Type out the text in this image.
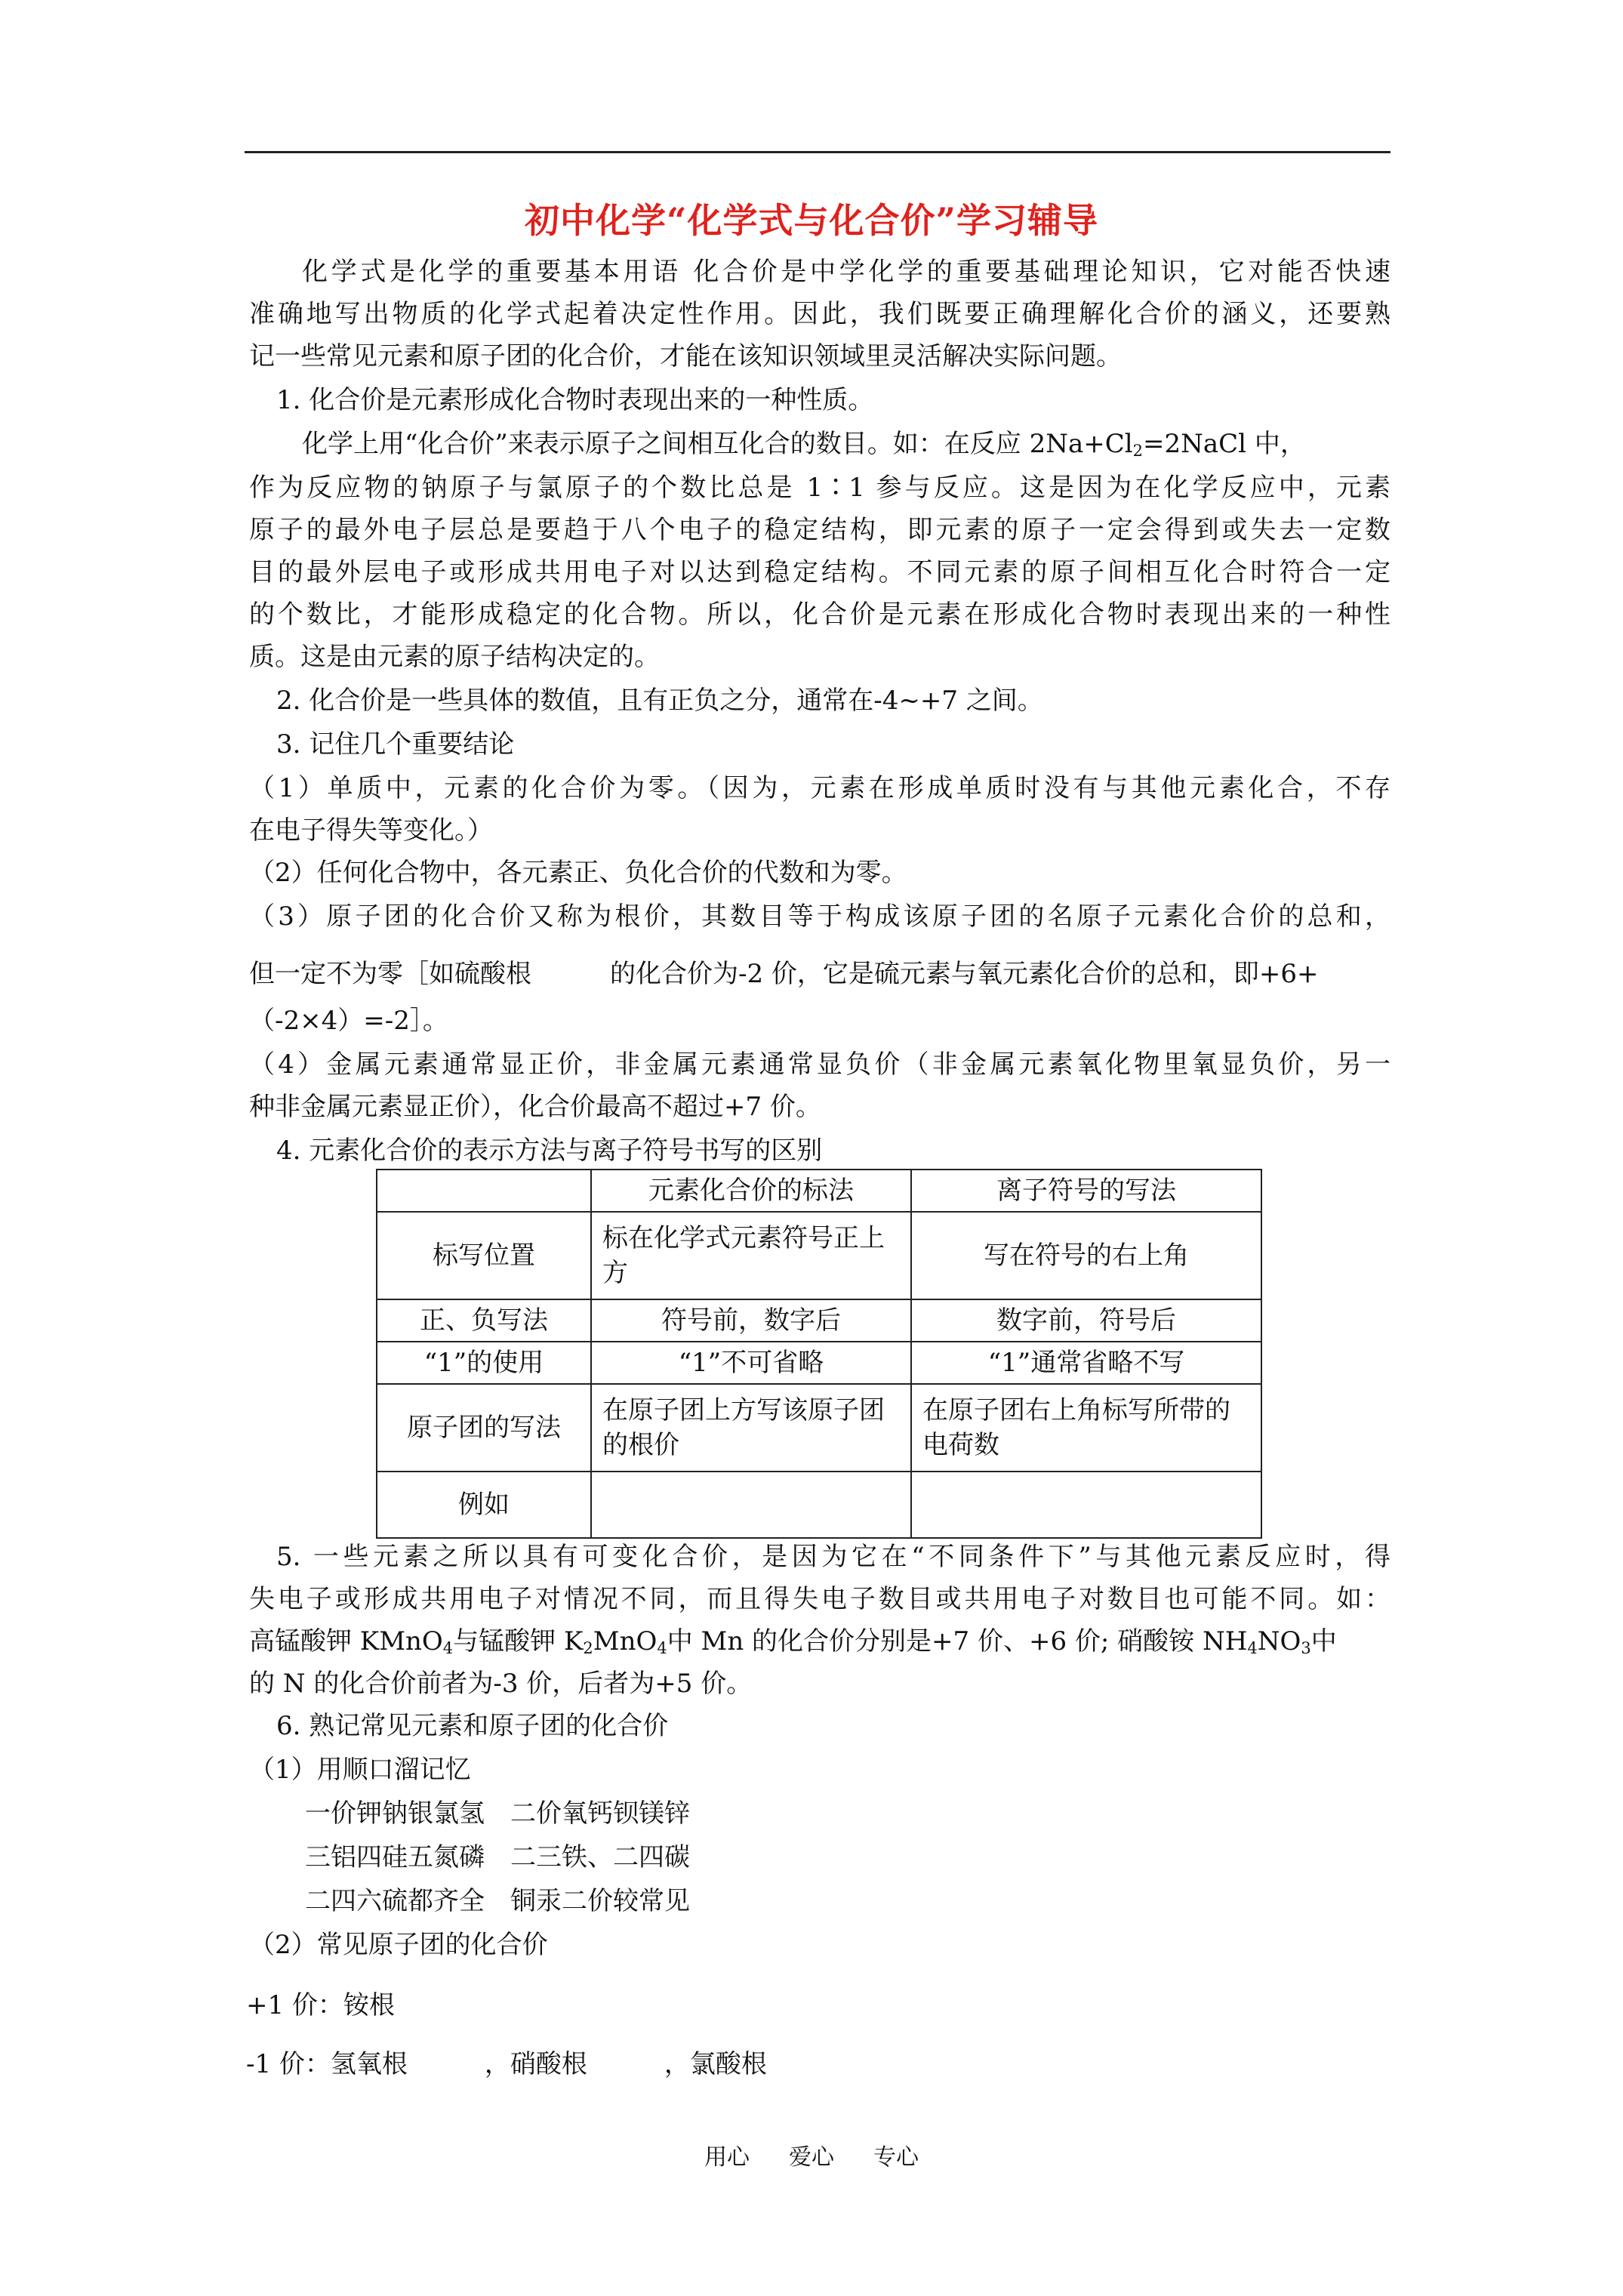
初中化学“化学式与化合价”学习辅导
化学式是化学的重要基本用语 化合价是中学化学的重要基础理论知识，它对能否快速
准确地写出物质的化学式起着决定性作用。因此，我们既要正确理解化合价的涵义，还要熟
记一些常见元素和原子团的化合价，才能在该知识领域里灵活解决实际问题。
1. 化合价是元素形成化合物时表现出来的一种性质。
化学上用“化合价”来表示原子之间相互化合的数目。如：在反应 $2Na+Cl_2=2NaCl$ 中，
作为反应物的钠原子与氯原子的个数比总是 1∶1 参与反应。这是因为在化学反应中，元素
原子的最外电子层总是要趋于八个电子的稳定结构，即元素的原子一定会得到或失去一定数
目的最外层电子或形成共用电子对以达到稳定结构。不同元素的原子间相互化合时符合一定
的个数比，才能形成稳定的化合物。所以，化合价是元素在形成化合物时表现出来的一种性
质。这是由元素的原子结构决定的。
2. 化合价是一些具体的数值，且有正负之分，通常在-4~+7 之间。
3. 记住几个重要结论
（1）单质中，元素的化合价为零。（因为，元素在形成单质时没有与其他元素化合，不存
在电子得失等变化。）
（2）任何化合物中，各元素正、负化合价的代数和为零。
（3）原子团的化合价又称为根价，其数目等于构成该原子团的名原子元素化合价的总和，
但一定不为零［如硫酸根	的化合价为-2 价，它是硫元素与氧元素化合价的总和，即+6+
（-2×4）=-2］。
（4）金属元素通常显正价，非金属元素通常显负价（非金属元素氧化物里氧显负价，另一
种非金属元素显正价），化合价最高不超过+7 价。
4. 元素化合价的表示方法与离子符号书写的区别
	元素化合价的标法	离子符号的写法
标写位置	标在化学式元素符号正上方	写在符号的右上角
正、负写法	符号前，数字后	数字前，符号后
“1”的使用	“1”不可省略	“1”通常省略不写
原子团的写法	在原子团上方写该原子团的根价	在原子团右上角标写所带的电荷数
例如		
5. 一些元素之所以具有可变化合价，是因为它在“不同条件下”与其他元素反应时，得
失电子或形成共用电子对情况不同，而且得失电子数目或共用电子对数目也可能不同。如：
高锰酸钾 KMnO$_4$与锰酸钾 $K_2MnO_4$中 Mn 的化合价分别是+7 价、+6 价; 硝酸铵 $NH_4NO_3$中
的 N 的化合价前者为-3 价，后者为+5 价。
6. 熟记常见元素和原子团的化合价
（1）用顺口溜记忆
一价钾钠银氯氢　二价氧钙钡镁锌
三铝四硅五氮磷　二三铁、二四碳
二四六硫都齐全　铜汞二价较常见
（2）常见原子团的化合价
+1 价：铵根
-1 价：氢氧根　　　，硝酸根　　　，氯酸根
用心 爱心 专心
